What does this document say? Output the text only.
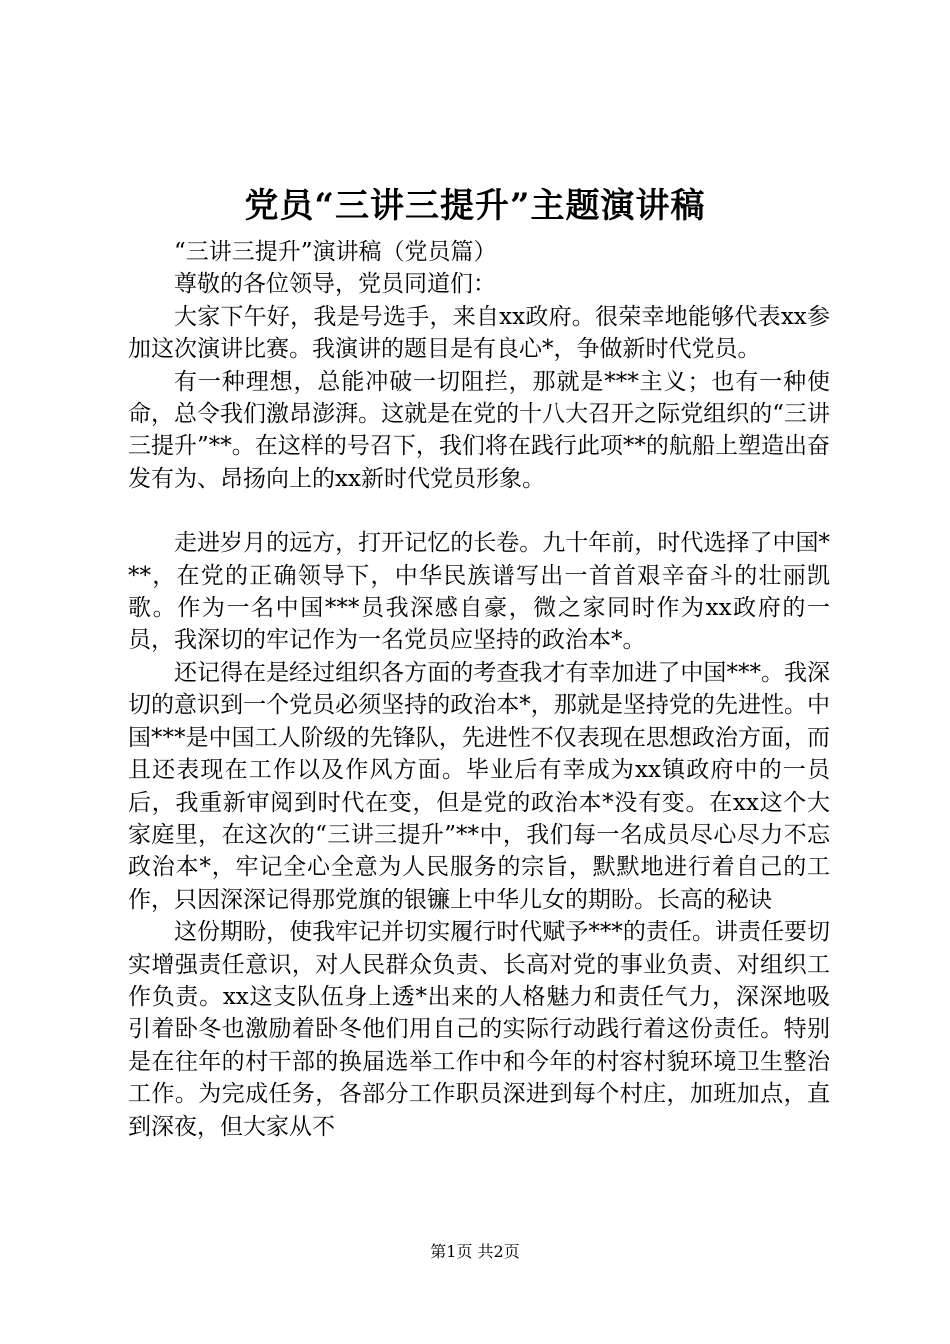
党员“三讲三提升”主题演讲稿

“三讲三提升”演讲稿（党员篇）

尊敬的各位领导，党员同道们：

大家下午好，我是号选手，来自xx政府。很荣幸地能够代表xx参加这次演讲比赛。我演讲的题目是有良心*，争做新时代党员。

有一种理想，总能冲破一切阻拦，那就是***主义；也有一种使命，总令我们激昂澎湃。这就是在党的十八大召开之际党组织的“三讲三提升”**。在这样的号召下，我们将在践行此项**的航船上塑造出奋发有为、昂扬向上的xx新时代党员形象。

走进岁月的远方，打开记忆的长卷。九十年前，时代选择了中国***，在党的正确领导下，中华民族谱写出一首首艰辛奋斗的壮丽凯歌。作为一名中国***员我深感自豪，微之家同时作为xx政府的一员，我深切的牢记作为一名党员应坚持的政治本*。

还记得在是经过组织各方面的考查我才有幸加进了中国***。我深切的意识到一个党员必须坚持的政治本*，那就是坚持党的先进性。中国***是中国工人阶级的先锋队，先进性不仅表现在思想政治方面，而且还表现在工作以及作风方面。毕业后有幸成为xx镇政府中的一员后，我重新审阅到时代在变，但是党的政治本*没有变。在xx这个大家庭里，在这次的“三讲三提升”**中，我们每一名成员尽心尽力不忘政治本*，牢记全心全意为人民服务的宗旨，默默地进行着自己的工作，只因深深记得那党旗的银镰上中华儿女的期盼。长高的秘诀

这份期盼，使我牢记并切实履行时代赋予***的责任。讲责任要切实增强责任意识，对人民群众负责、长高对党的事业负责、对组织工作负责。xx这支队伍身上透*出来的人格魅力和责任气力，深深地吸引着卧冬也激励着卧冬他们用自己的实际行动践行着这份责任。特别是在往年的村干部的换届选举工作中和今年的村容村貌环境卫生整治工作。为完成任务，各部分工作职员深进到每个村庄，加班加点，直到深夜，但大家从不

第1页 共2页
